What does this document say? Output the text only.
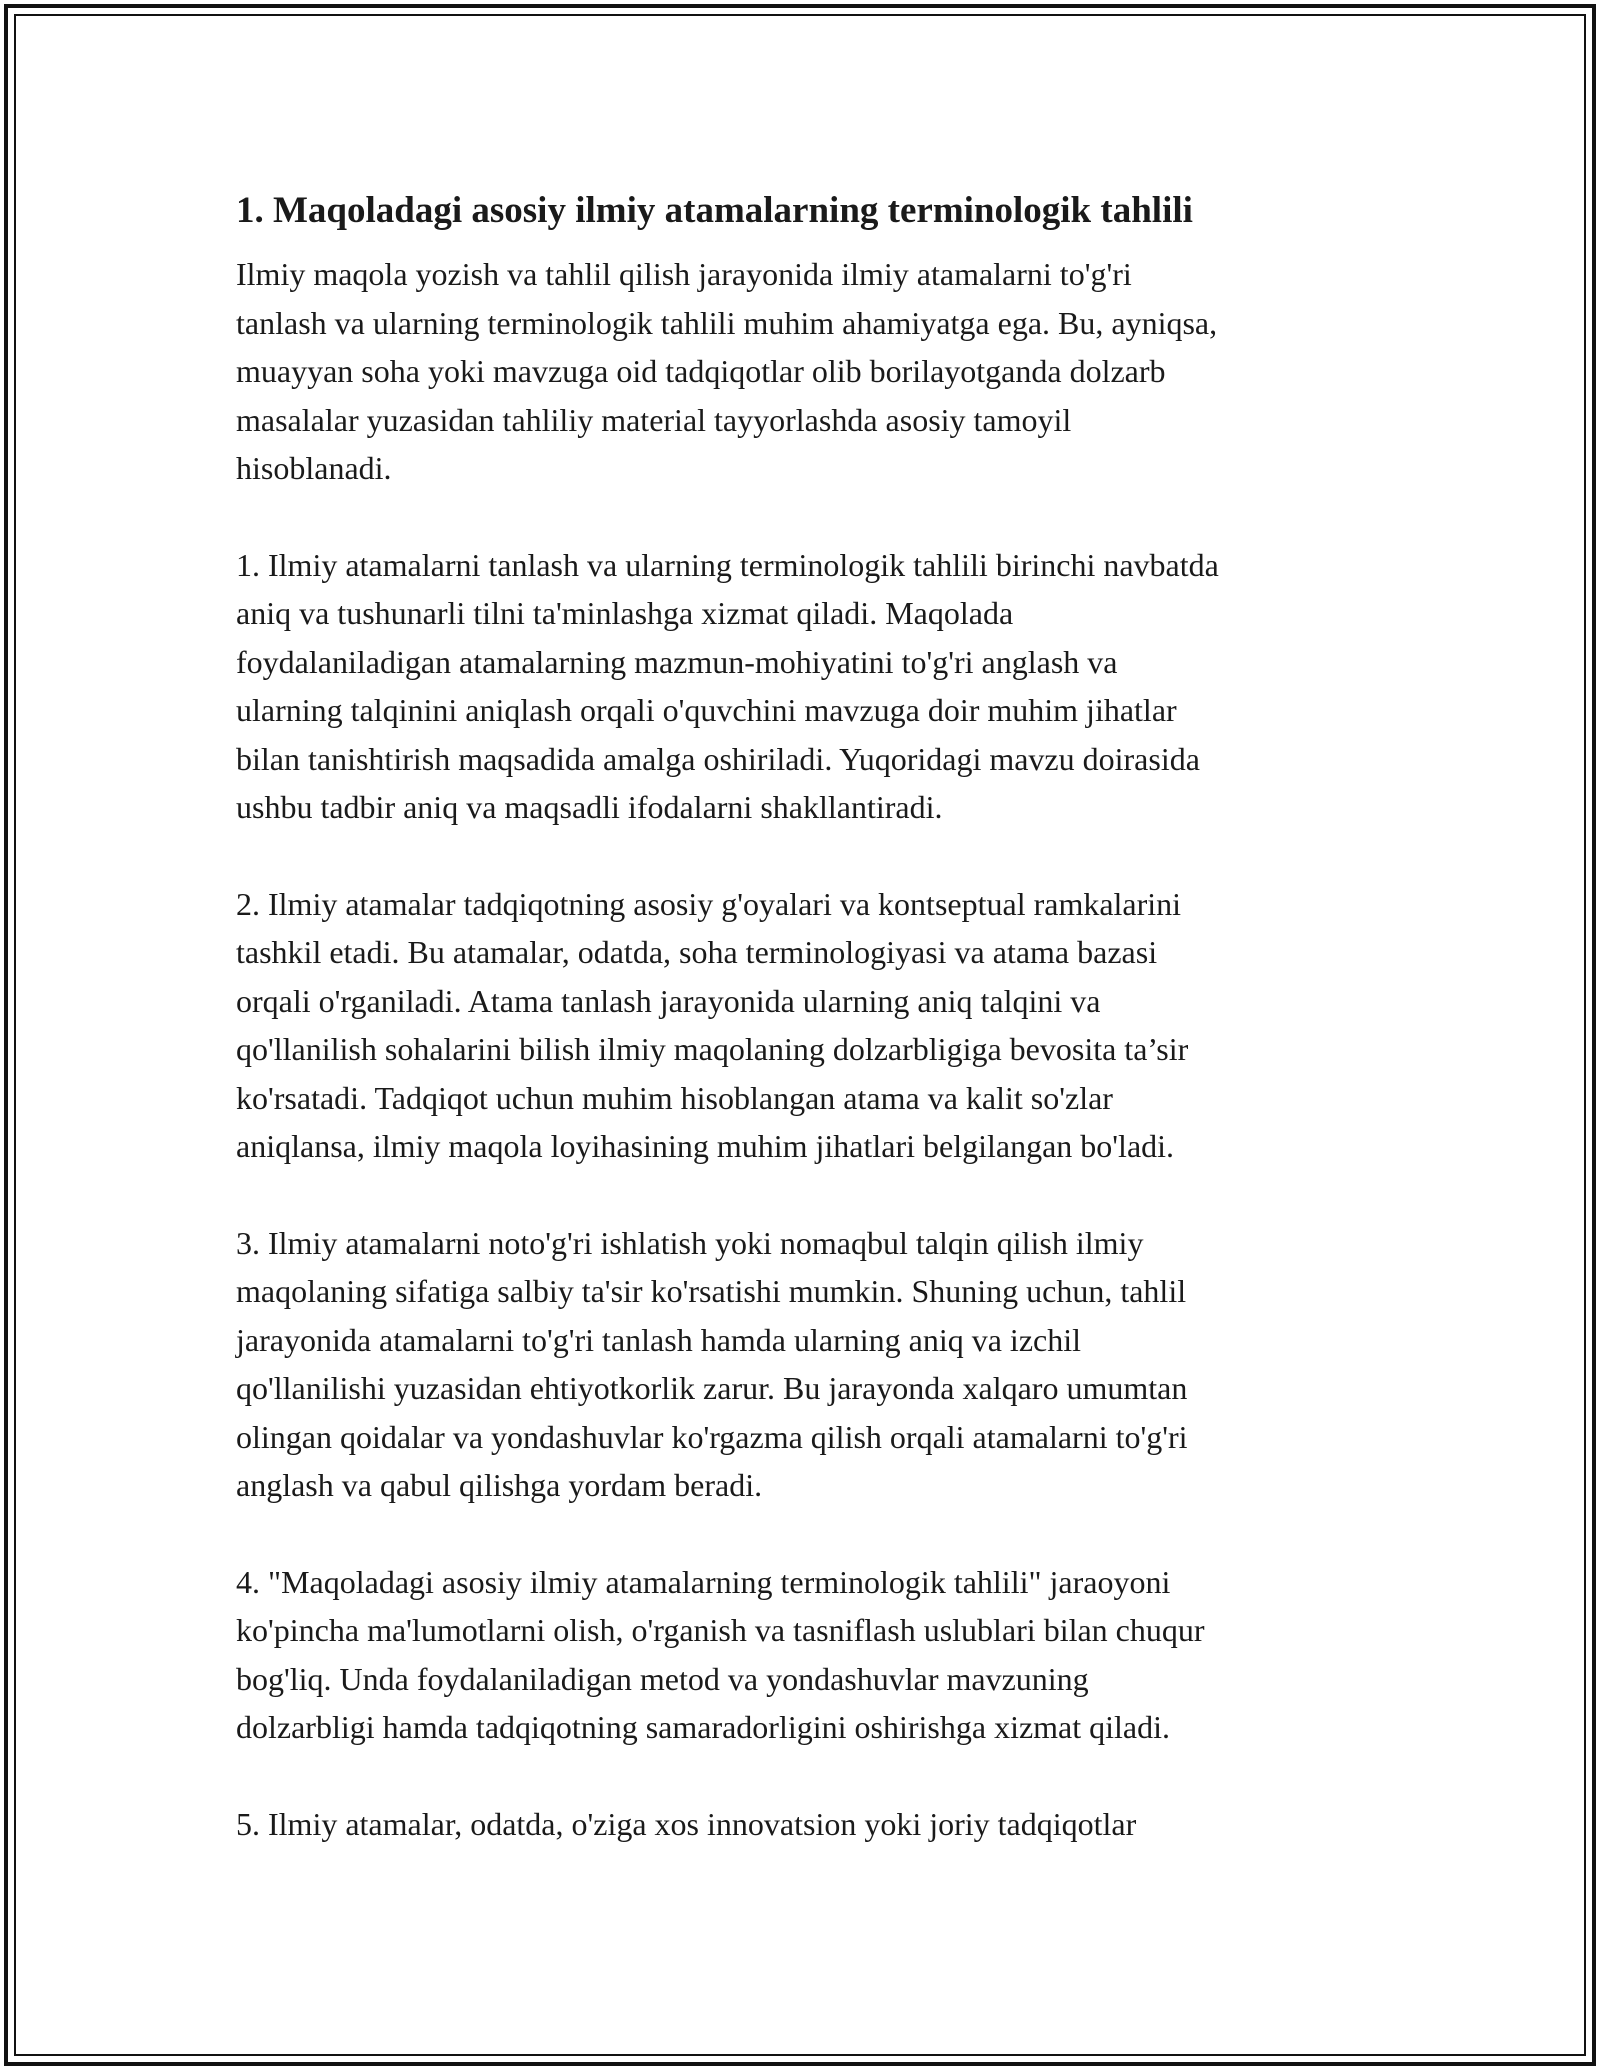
1. Maqoladagi asosiy ilmiy atamalarning terminologik tahlili
Ilmiy maqola yozish va tahlil qilish jarayonida ilmiy atamalarni to'g'ri
tanlash va ularning terminologik tahlili muhim ahamiyatga ega. Bu, ayniqsa,
muayyan soha yoki mavzuga oid tadqiqotlar olib borilayotganda dolzarb
masalalar yuzasidan tahliliy material tayyorlashda asosiy tamoyil
hisoblanadi.
1. Ilmiy atamalarni tanlash va ularning terminologik tahlili birinchi navbatda
aniq va tushunarli tilni ta'minlashga xizmat qiladi. Maqolada
foydalaniladigan atamalarning mazmun-mohiyatini to'g'ri anglash va
ularning talqinini aniqlash orqali o'quvchini mavzuga doir muhim jihatlar
bilan tanishtirish maqsadida amalga oshiriladi. Yuqoridagi mavzu doirasida
ushbu tadbir aniq va maqsadli ifodalarni shakllantiradi.
2. Ilmiy atamalar tadqiqotning asosiy g'oyalari va kontseptual ramkalarini
tashkil etadi. Bu atamalar, odatda, soha terminologiyasi va atama bazasi
orqali o'rganiladi. Atama tanlash jarayonida ularning aniq talqini va
qo'llanilish sohalarini bilish ilmiy maqolaning dolzarbligiga bevosita ta’sir
ko'rsatadi. Tadqiqot uchun muhim hisoblangan atama va kalit so'zlar
aniqlansa, ilmiy maqola loyihasining muhim jihatlari belgilangan bo'ladi.
3. Ilmiy atamalarni noto'g'ri ishlatish yoki nomaqbul talqin qilish ilmiy
maqolaning sifatiga salbiy ta'sir ko'rsatishi mumkin. Shuning uchun, tahlil
jarayonida atamalarni to'g'ri tanlash hamda ularning aniq va izchil
qo'llanilishi yuzasidan ehtiyotkorlik zarur. Bu jarayonda xalqaro umumtan
olingan qoidalar va yondashuvlar ko'rgazma qilish orqali atamalarni to'g'ri
anglash va qabul qilishga yordam beradi.
4. "Maqoladagi asosiy ilmiy atamalarning terminologik tahlili" jaraoyoni
ko'pincha ma'lumotlarni olish, o'rganish va tasniflash uslublari bilan chuqur
bog'liq. Unda foydalaniladigan metod va yondashuvlar mavzuning
dolzarbligi hamda tadqiqotning samaradorligini oshirishga xizmat qiladi.
5. Ilmiy atamalar, odatda, o'ziga xos innovatsion yoki joriy tadqiqotlar
